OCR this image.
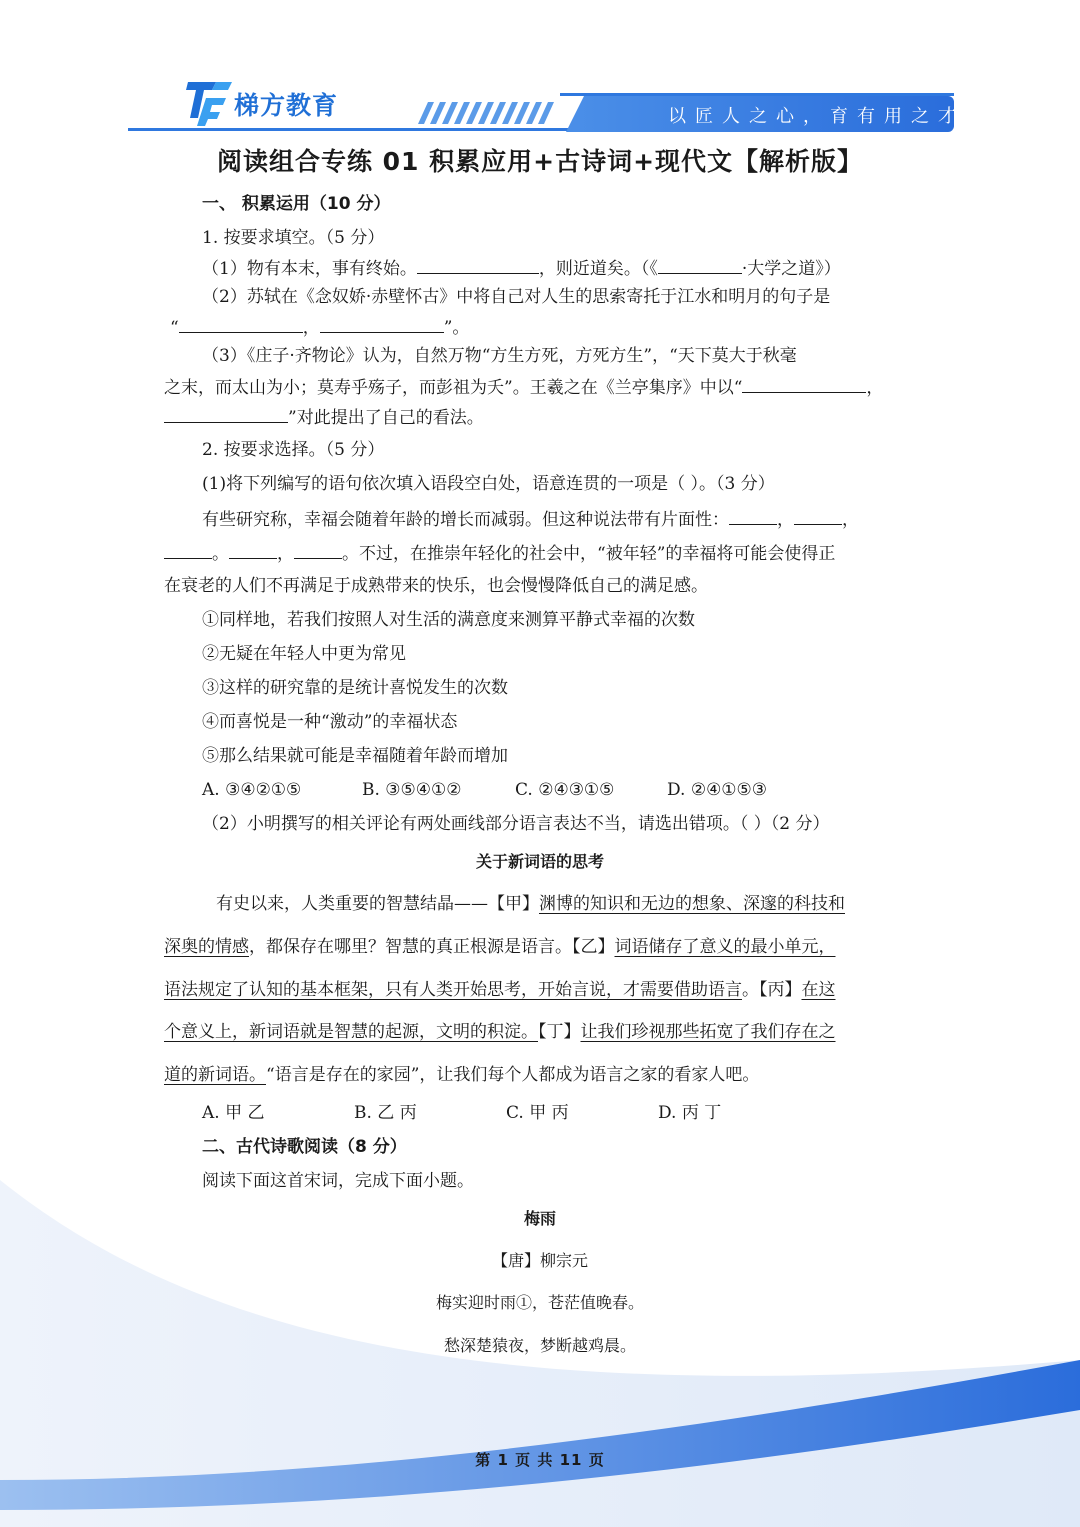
梯方教育	以匠人之心，育有用之才
阅读组合专练 01 积累应用+古诗词+现代文【解析版】
一、 积累运用（10 分）
1. 按要求填空。（5 分）
（1）物有本末，事有终始。	，则近道矣。（《	·大学之道》）
（2）苏轼在《念奴娇·赤壁怀古》中将自己对人生的思索寄托于江水和明月的句子是
“	，	”。
（3）《庄子·齐物论》认为，自然万物“方生方死，方死方生”，“天下莫大于秋毫
之末，而太山为小；莫寿乎殇子，而彭祖为夭”。王羲之在《兰亭集序》中以“	，
”对此提出了自己的看法。
2. 按要求选择。（5 分）
(1)将下列编写的语句依次填入语段空白处，语意连贯的一项是（ ）。（3 分）
有些研究称，幸福会随着年龄的增长而减弱。但这种说法带有片面性：	，	，
。	，	。不过，在推崇年轻化的社会中，“被年轻”的幸福将可能会使得正
在衰老的人们不再满足于成熟带来的快乐，也会慢慢降低自己的满足感。
①同样地，若我们按照人对生活的满意度来测算平静式幸福的次数
②无疑在年轻人中更为常见
③这样的研究靠的是统计喜悦发生的次数
④而喜悦是一种“激动”的幸福状态
⑤那么结果就可能是幸福随着年龄而增加
A. ③④②①⑤	B. ③⑤④①②	C. ②④③①⑤	D. ②④①⑤③
（2）小明撰写的相关评论有两处画线部分语言表达不当，请选出错项。（ ）（2 分）
关于新词语的思考
有史以来，人类重要的智慧结晶——【甲】渊博的知识和无边的想象、深邃的科技和
深奥的情感，都保存在哪里？智慧的真正根源是语言。【乙】词语储存了意义的最小单元，
语法规定了认知的基本框架，只有人类开始思考，开始言说，才需要借助语言。【丙】在这
个意义上，新词语就是智慧的起源，文明的积淀。【丁】让我们珍视那些拓宽了我们存在之
道的新词语。“语言是存在的家园”，让我们每个人都成为语言之家的看家人吧。
A. 甲 乙	B. 乙 丙	C. 甲 丙	D. 丙 丁
二、古代诗歌阅读（8 分）
阅读下面这首宋词，完成下面小题。
梅雨
【唐】柳宗元
梅实迎时雨①，苍茫值晚春。
愁深楚猿夜，梦断越鸡晨。
第 1 页 共 11 页
